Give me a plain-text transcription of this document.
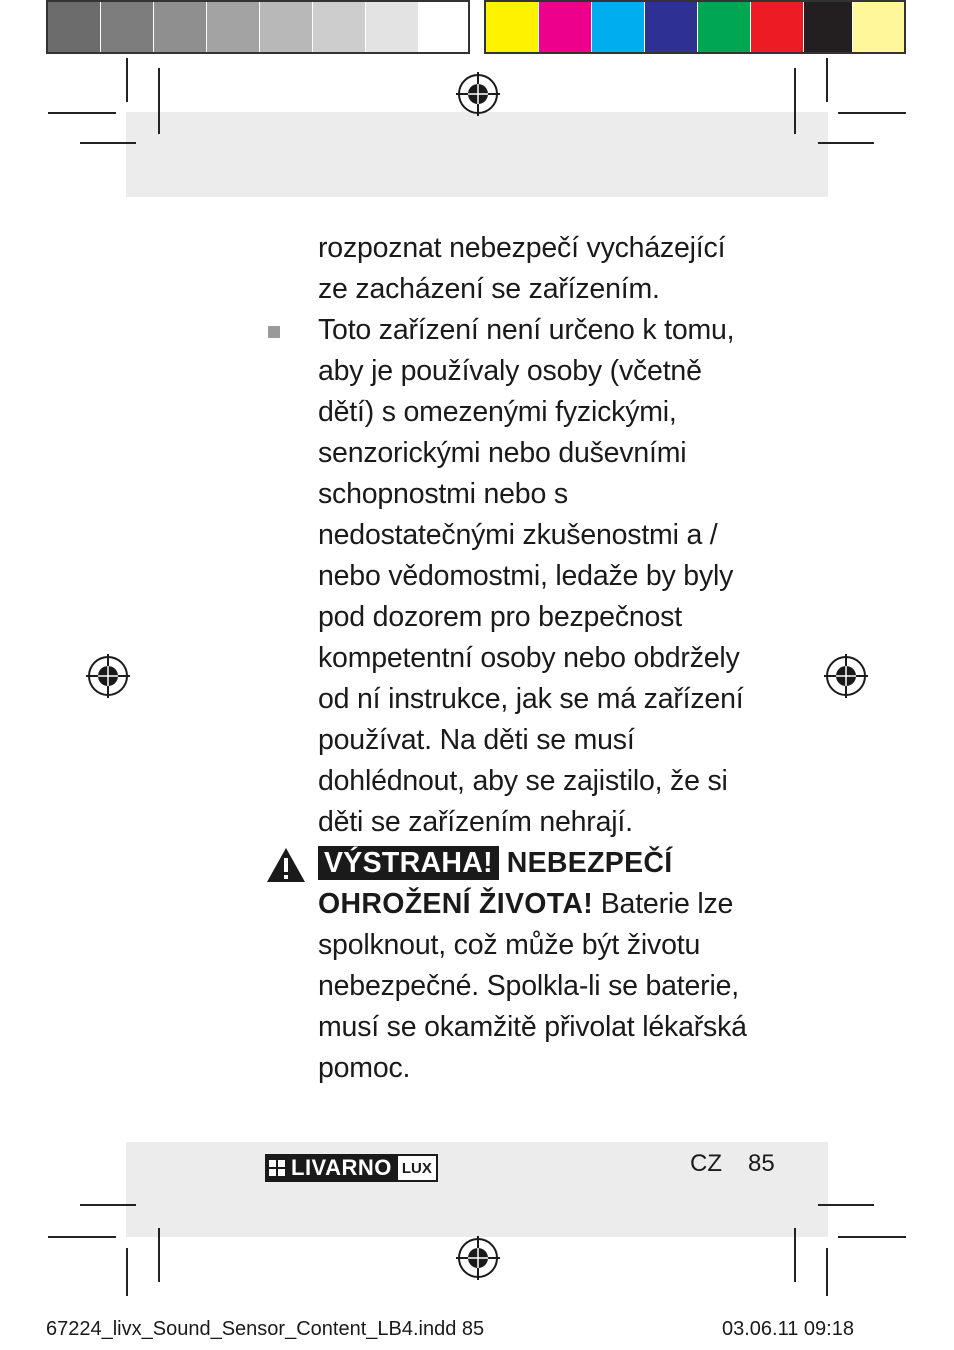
rozpoznat nebezpečí vycházející ze zacházení se zařízením.

Toto zařízení není určeno k tomu, aby je používaly osoby (včetně dětí) s omezenými fyzickými, senzorickými nebo duševními schopnostmi nebo s nedostatečnými zkušenostmi a / nebo vědomostmi, ledaže by byly pod dozorem pro bezpečnost kompetentní osoby nebo obdržely od ní instrukce, jak se má zařízení používat. Na děti se musí dohlédnout, aby se zajistilo, že si děti se zařízením nehrají.

VÝSTRAHA! NEBEZPEČÍ OHROŽENÍ ŽIVOTA! Baterie lze spolknout, což může být životu nebezpečné. Spolkla-li se baterie, musí se okamžitě přivolat lékařská pomoc.

LIVARNO LUX	CZ 85
67224_livx_Sound_Sensor_Content_LB4.indd 85	03.06.11 09:18
